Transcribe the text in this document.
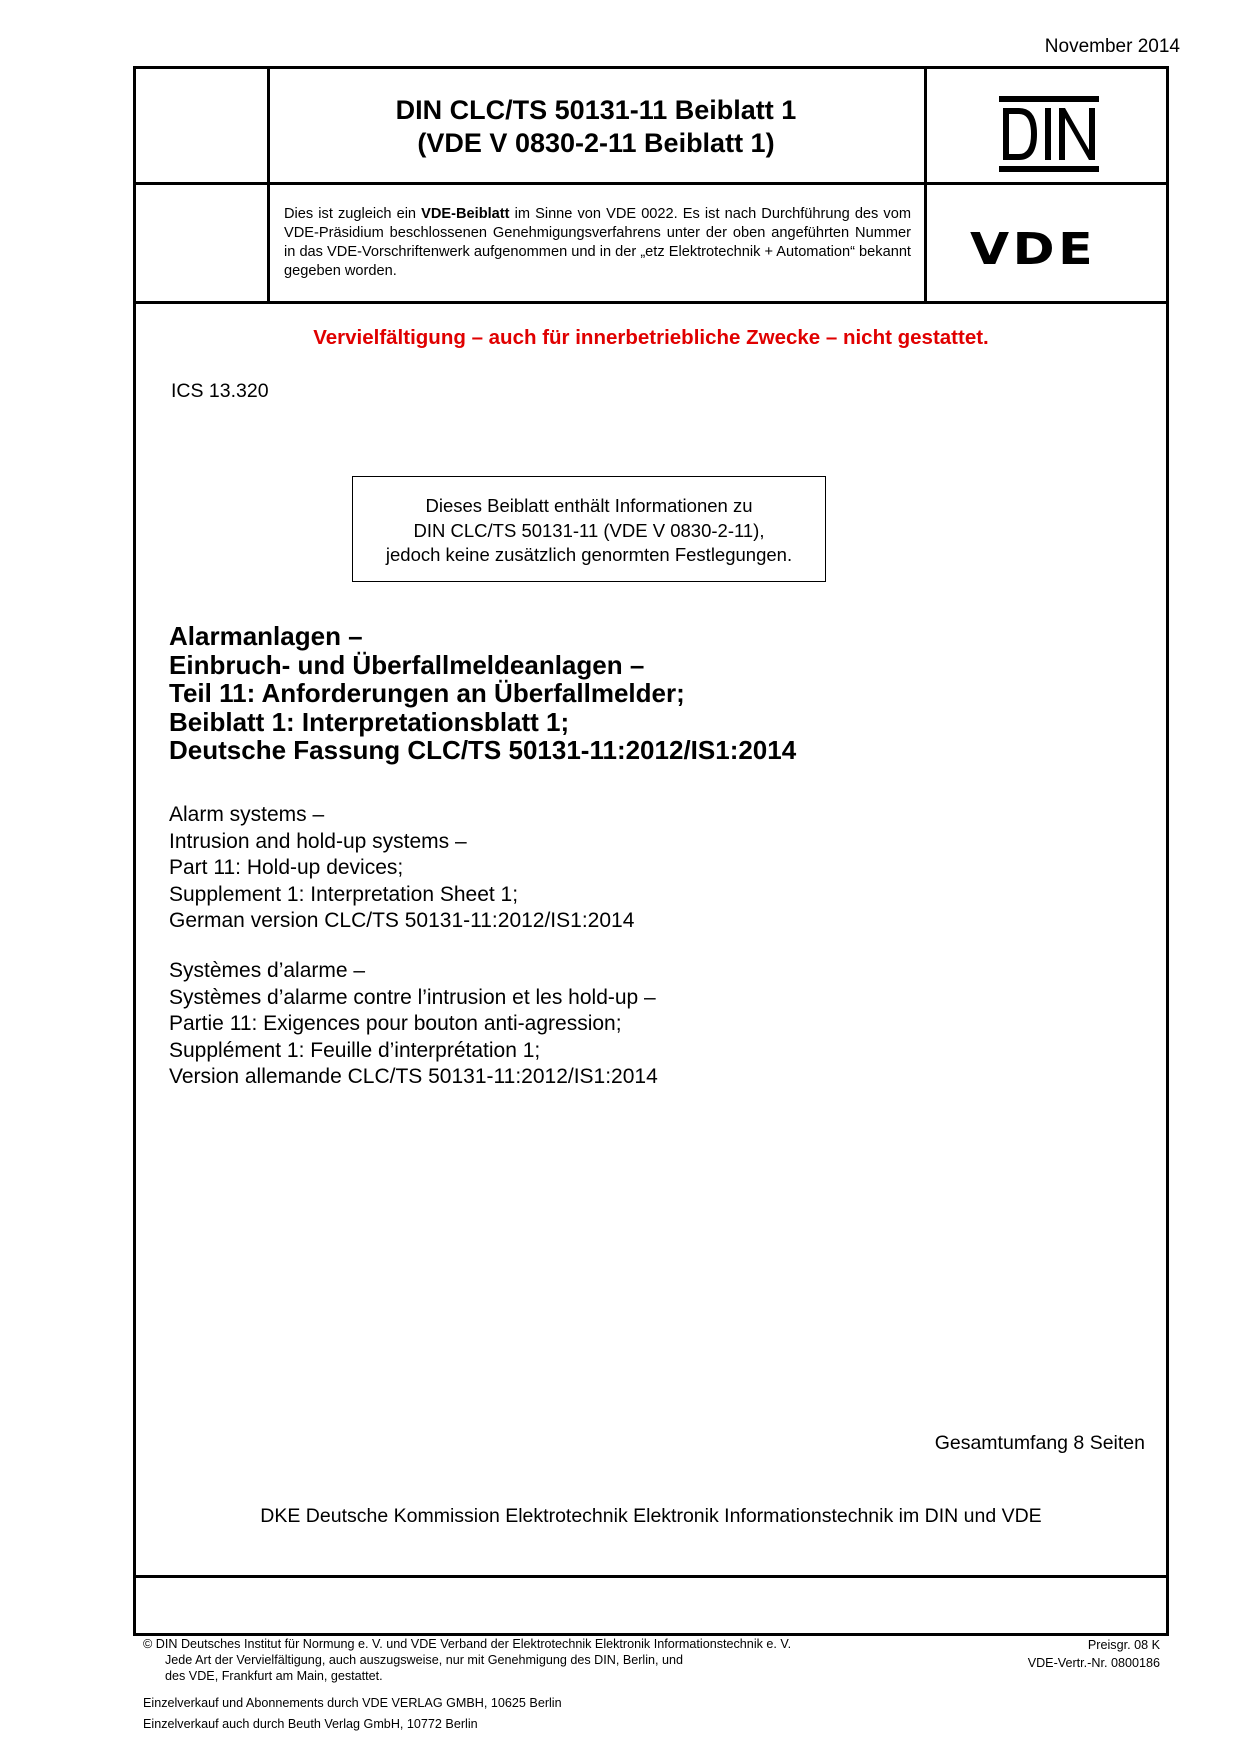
November 2014
DIN CLC/TS 50131-11 Beiblatt 1
(VDE V 0830-2-11 Beiblatt 1)
Dies ist zugleich ein VDE-Beiblatt im Sinne von VDE 0022. Es ist nach Durchführung des vom VDE-Präsidium beschlossenen Genehmigungsverfahrens unter der oben angeführten Nummer in das VDE-Vorschriftenwerk aufgenommen und in der „etz Elektrotechnik + Automation“ bekannt gegeben worden.	VDE
Vervielfältigung – auch für innerbetriebliche Zwecke – nicht gestattet.
ICS 13.320
Dieses Beiblatt enthält Informationen zu
DIN CLC/TS 50131-11 (VDE V 0830-2-11),
jedoch keine zusätzlich genormten Festlegungen.
Alarmanlagen –
Einbruch- und Überfallmeldeanlagen –
Teil 11: Anforderungen an Überfallmelder;
Beiblatt 1: Interpretationsblatt 1;
Deutsche Fassung CLC/TS 50131-11:2012/IS1:2014
Alarm systems –
Intrusion and hold-up systems –
Part 11: Hold-up devices;
Supplement 1: Interpretation Sheet 1;
German version CLC/TS 50131-11:2012/IS1:2014
Systèmes d’alarme –
Systèmes d’alarme contre l’intrusion et les hold-up –
Partie 11: Exigences pour bouton anti-agression;
Supplément 1: Feuille d’interprétation 1;
Version allemande CLC/TS 50131-11:2012/IS1:2014
Gesamtumfang 8 Seiten
DKE Deutsche Kommission Elektrotechnik Elektronik Informationstechnik im DIN und VDE
© DIN Deutsches Institut für Normung e. V. und VDE Verband der Elektrotechnik Elektronik Informationstechnik e. V.
Jede Art der Vervielfältigung, auch auszugsweise, nur mit Genehmigung des DIN, Berlin, und
des VDE, Frankfurt am Main, gestattet.
Einzelverkauf und Abonnements durch VDE VERLAG GMBH, 10625 Berlin
Einzelverkauf auch durch Beuth Verlag GmbH, 10772 Berlin
Preisgr. 08 K
VDE-Vertr.-Nr. 0800186
